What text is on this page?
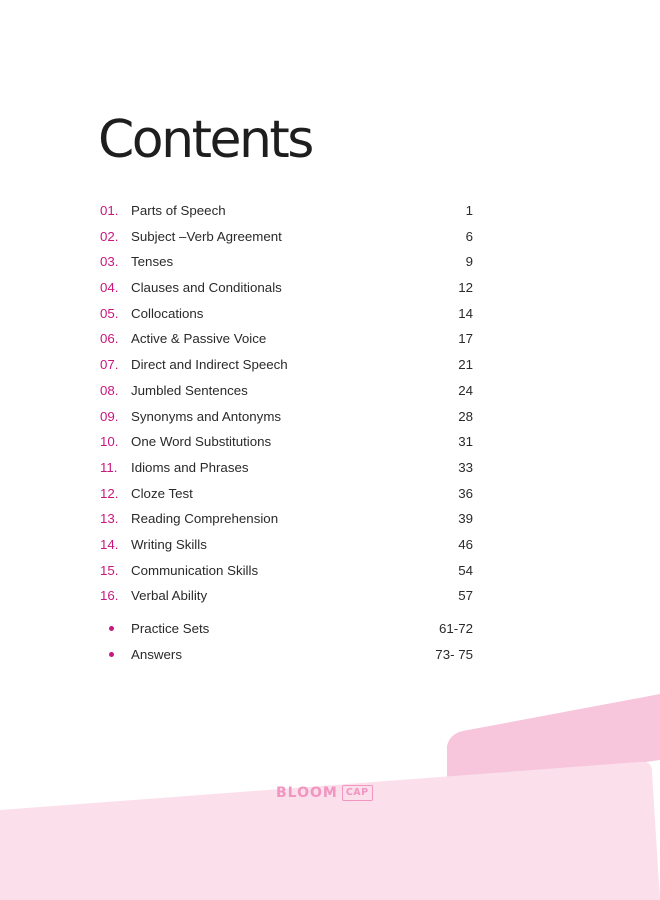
Contents
01. Parts of Speech	1
02. Subject –Verb Agreement	6
03. Tenses	9
04. Clauses and Conditionals	12
05. Collocations	14
06. Active & Passive Voice	17
07. Direct and Indirect Speech	21
08. Jumbled Sentences	24
09. Synonyms and Antonyms	28
10. One Word Substitutions	31
11. Idioms and Phrases	33
12. Cloze Test	36
13. Reading Comprehension	39
14. Writing Skills	46
15. Communication Skills	54
16. Verbal Ability	57
Practice Sets	61-72
Answers	73- 75
BLOOM CAP
